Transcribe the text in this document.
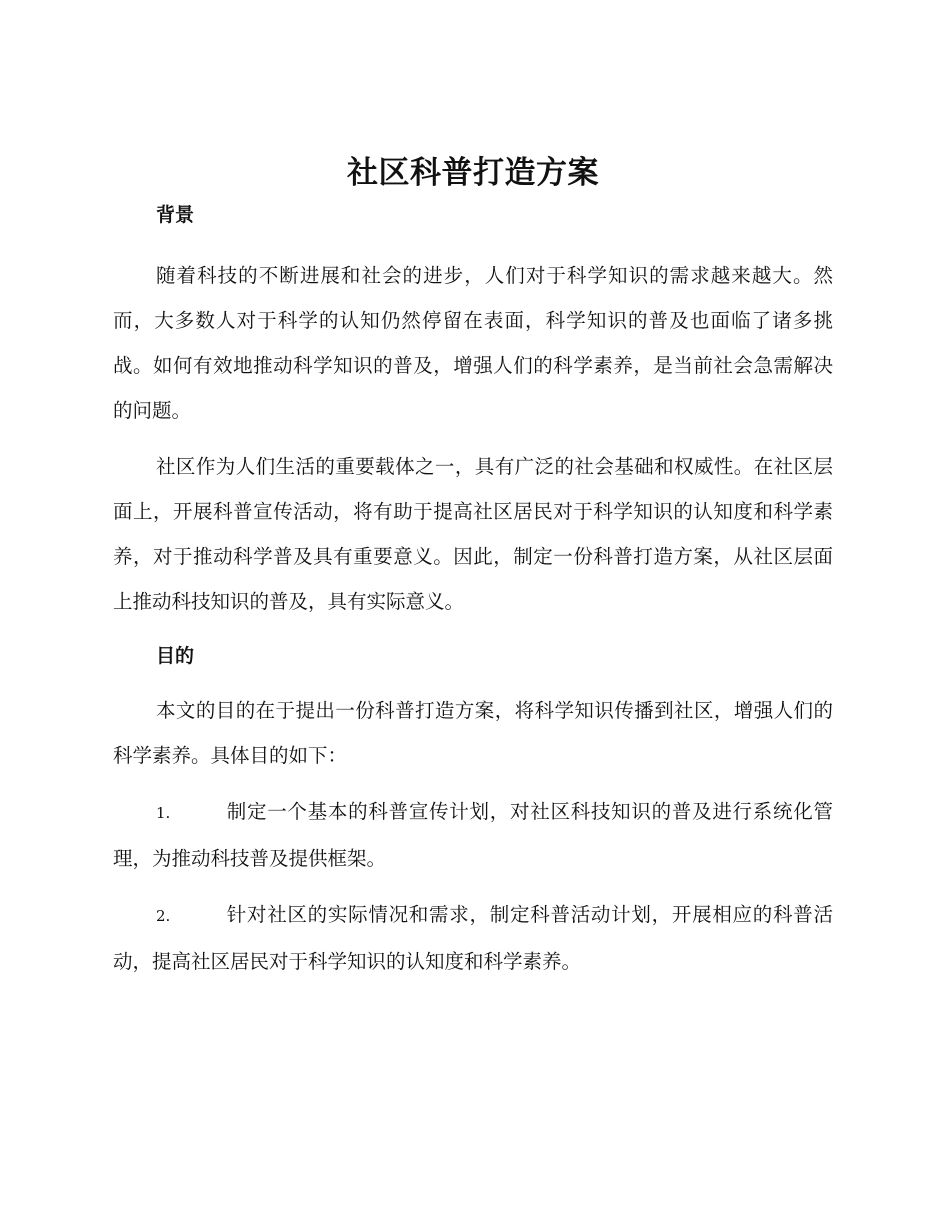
社区科普打造方案
背景

随着科技的不断进展和社会的进步，人们对于科学知识的需求越来越大。然而，大多数人对于科学的认知仍然停留在表面，科学知识的普及也面临了诸多挑战。如何有效地推动科学知识的普及，增强人们的科学素养，是当前社会急需解决的问题。

社区作为人们生活的重要载体之一，具有广泛的社会基础和权威性。在社区层面上，开展科普宣传活动，将有助于提高社区居民对于科学知识的认知度和科学素养，对于推动科学普及具有重要意义。因此，制定一份科普打造方案，从社区层面上推动科技知识的普及，具有实际意义。

目的

本文的目的在于提出一份科普打造方案，将科学知识传播到社区，增强人们的科学素养。具体目的如下：

1.	制定一个基本的科普宣传计划，对社区科技知识的普及进行系统化管理，为推动科技普及提供框架。

2.	针对社区的实际情况和需求，制定科普活动计划，开展相应的科普活动，提高社区居民对于科学知识的认知度和科学素养。
